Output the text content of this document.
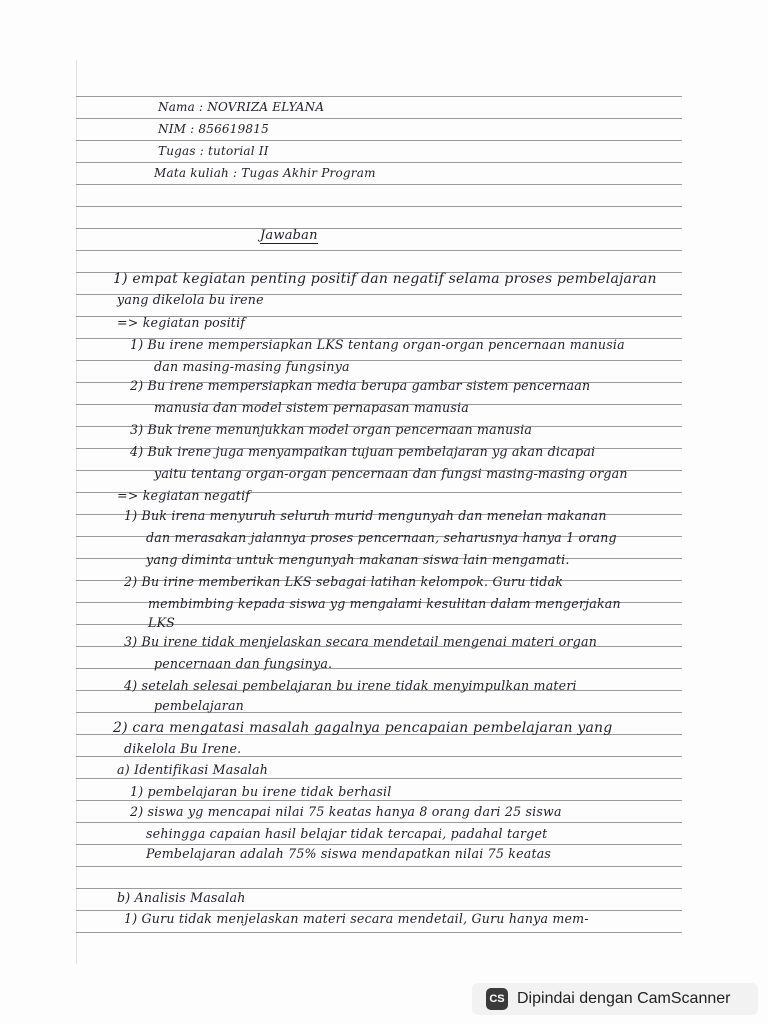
Nama : NOVRIZA ELYANA
NIM : 856619815
Tugas : tutorial II
Mata kuliah : Tugas Akhir Program
Jawaban
1) empat kegiatan penting positif dan negatif selama proses pembelajaran
yang dikelola bu irene
=> kegiatan positif
1) Bu irene mempersiapkan LKS tentang organ-organ pencernaan manusia
dan masing-masing fungsinya
2) Bu irene mempersiapkan media berupa gambar sistem pencernaan
manusia dan model sistem pernapasan manusia
3) Buk irene menunjukkan model organ pencernaan manusia
4) Buk irene juga menyampaikan tujuan pembelajaran yg akan dicapai
yaitu tentang organ-organ pencernaan dan fungsi masing-masing organ
=> kegiatan negatif
1) Buk irena menyuruh seluruh murid mengunyah dan menelan makanan
dan merasakan jalannya proses pencernaan, seharusnya hanya 1 orang
yang diminta untuk mengunyah makanan siswa lain mengamati.
2) Bu irine memberikan LKS sebagai latihan kelompok. Guru tidak
membimbing kepada siswa yg mengalami kesulitan dalam mengerjakan
LKS
3) Bu irene tidak menjelaskan secara mendetail mengenai materi organ
pencernaan dan fungsinya.
4) setelah selesai pembelajaran bu irene tidak menyimpulkan materi
pembelajaran
2) cara mengatasi masalah gagalnya pencapaian pembelajaran yang
dikelola Bu Irene.
a) Identifikasi Masalah
1) pembelajaran bu irene tidak berhasil
2) siswa yg mencapai nilai 75 keatas hanya 8 orang dari 25 siswa
sehingga capaian hasil belajar tidak tercapai, padahal target
Pembelajaran adalah 75% siswa mendapatkan nilai 75 keatas
b) Analisis Masalah
1) Guru tidak menjelaskan materi secara mendetail, Guru hanya mem-
CS Dipindai dengan CamScanner
